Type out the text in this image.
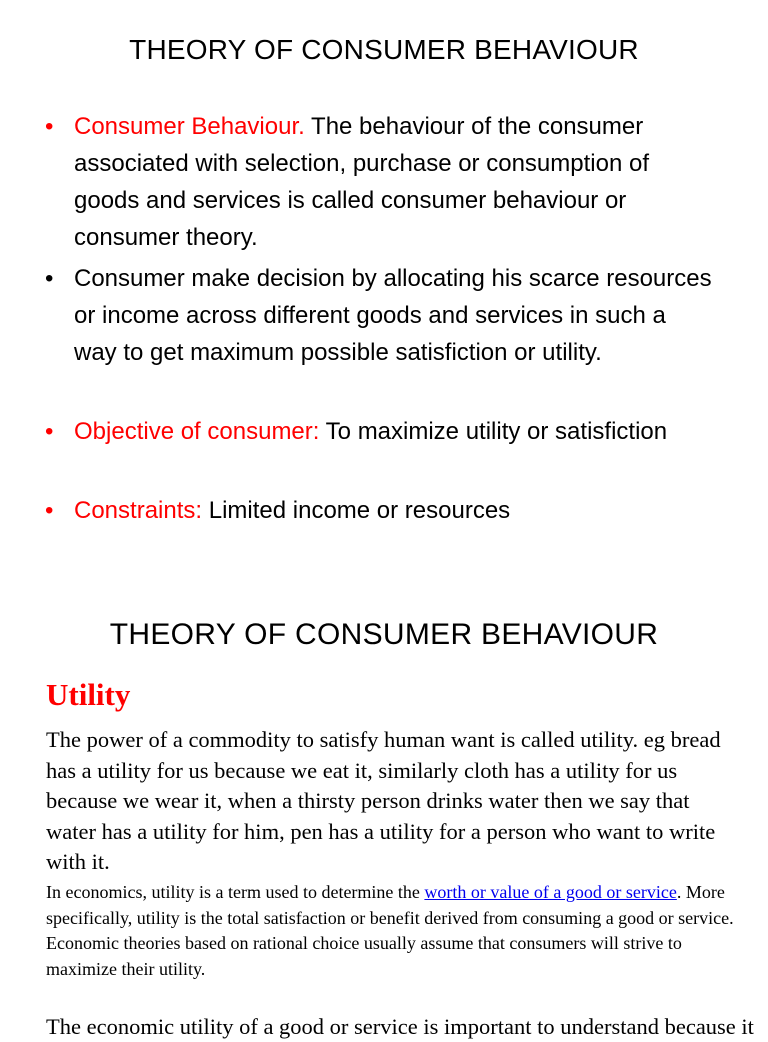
THEORY OF CONSUMER BEHAVIOUR
• Consumer Behaviour. The behaviour of the consumer associated with selection, purchase or consumption of goods and services is called consumer behaviour or consumer theory.
• Consumer make decision by allocating his scarce resources or income across different goods and services in such a way to get maximum possible satisfiction or utility.
• Objective of consumer: To maximize utility or satisfiction
• Constraints: Limited income or resources
THEORY OF CONSUMER BEHAVIOUR
Utility

The power of a commodity to satisfy human want is called utility. eg bread has a utility for us because we eat it, similarly cloth has a utility for us because we wear it, when a thirsty person drinks water then we say that water has a utility for him, pen has a utility for a person who want to write with it.

In economics, utility is a term used to determine the worth or value of a good or service. More specifically, utility is the total satisfaction or benefit derived from consuming a good or service. Economic theories based on rational choice usually assume that consumers will strive to maximize their utility.

The economic utility of a good or service is important to understand because it
